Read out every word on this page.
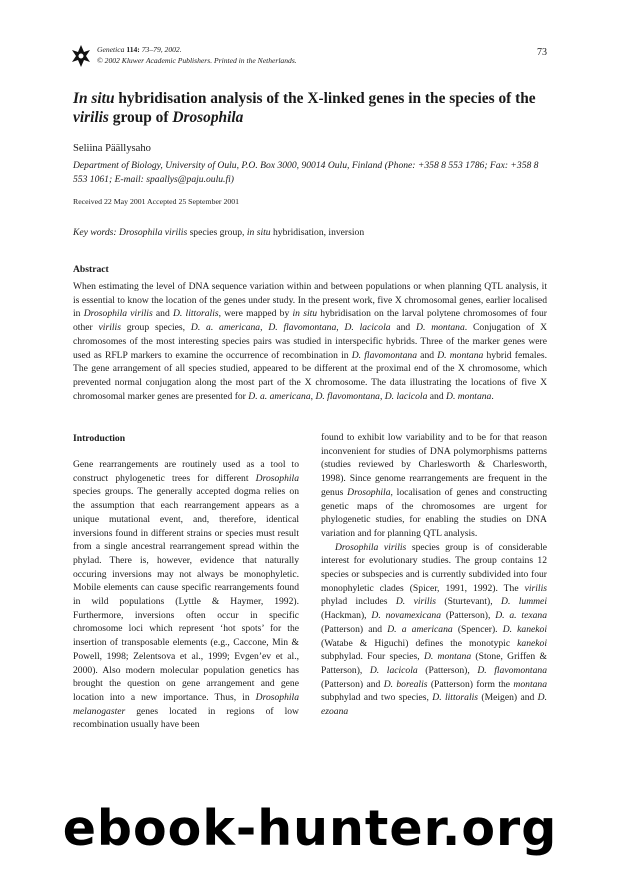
Genetica 114: 73–79, 2002.
© 2002 Kluwer Academic Publishers. Printed in the Netherlands.
73
In situ hybridisation analysis of the X-linked genes in the species of the virilis group of Drosophila
Seliina Päällysaho
Department of Biology, University of Oulu, P.O. Box 3000, 90014 Oulu, Finland (Phone: +358 8 553 1786; Fax: +358 8 553 1061; E-mail: spaallys@paju.oulu.fi)
Received 22 May 2001 Accepted 25 September 2001
Key words: Drosophila virilis species group, in situ hybridisation, inversion
Abstract
When estimating the level of DNA sequence variation within and between populations or when planning QTL analysis, it is essential to know the location of the genes under study. In the present work, five X chromosomal genes, earlier localised in Drosophila virilis and D. littoralis, were mapped by in situ hybridisation on the larval polytene chromosomes of four other virilis group species, D. a. americana, D. flavomontana, D. lacicola and D. montana. Conjugation of X chromosomes of the most interesting species pairs was studied in interspecific hybrids. Three of the marker genes were used as RFLP markers to examine the occurrence of recombination in D. flavomontana and D. montana hybrid females. The gene arrangement of all species studied, appeared to be different at the proximal end of the X chromosome, which prevented normal conjugation along the most part of the X chromosome. The data illustrating the locations of five X chromosomal marker genes are presented for D. a. americana, D. flavomontana, D. lacicola and D. montana.
Introduction

Gene rearrangements are routinely used as a tool to construct phylogenetic trees for different Drosophila species groups. The generally accepted dogma relies on the assumption that each rearrangement appears as a unique mutational event, and, therefore, identical inversions found in different strains or species must result from a single ancestral rearrangement spread within the phylad. There is, however, evidence that naturally occuring inversions may not always be monophyletic. Mobile elements can cause specific rearrangements found in wild populations (Lyttle & Haymer, 1992). Furthermore, inversions often occur in specific chromosome loci which represent ‘hot spots’ for the insertion of transposable elements (e.g., Caccone, Min & Powell, 1998; Zelentsova et al., 1999; Evgen’ev et al., 2000). Also modern molecular population genetics has brought the question on gene arrangement and gene location into a new importance. Thus, in Drosophila melanogaster genes located in regions of low recombination usually have been

found to exhibit low variability and to be for that reason inconvenient for studies of DNA polymorphisms patterns (studies reviewed by Charlesworth & Charlesworth, 1998). Since genome rearrangements are frequent in the genus Drosophila, localisation of genes and constructing genetic maps of the chromosomes are urgent for phylogenetic studies, for enabling the studies on DNA variation and for planning QTL analysis.

Drosophila virilis species group is of considerable interest for evolutionary studies. The group contains 12 species or subspecies and is currently subdivided into four monophyletic clades (Spicer, 1991, 1992). The virilis phylad includes D. virilis (Sturtevant), D. lummei (Hackman), D. novamexicana (Patterson), D. a. texana (Patterson) and D. a americana (Spencer). D. kanekoi (Watabe & Higuchi) defines the monotypic kanekoi subphylad. Four species, D. montana (Stone, Griffen & Patterson), D. lacicola (Patterson), D. flavomontana (Patterson) and D. borealis (Patterson) form the montana subphylad and two species, D. littoralis (Meigen) and D. ezoana

ebook-hunter.org
